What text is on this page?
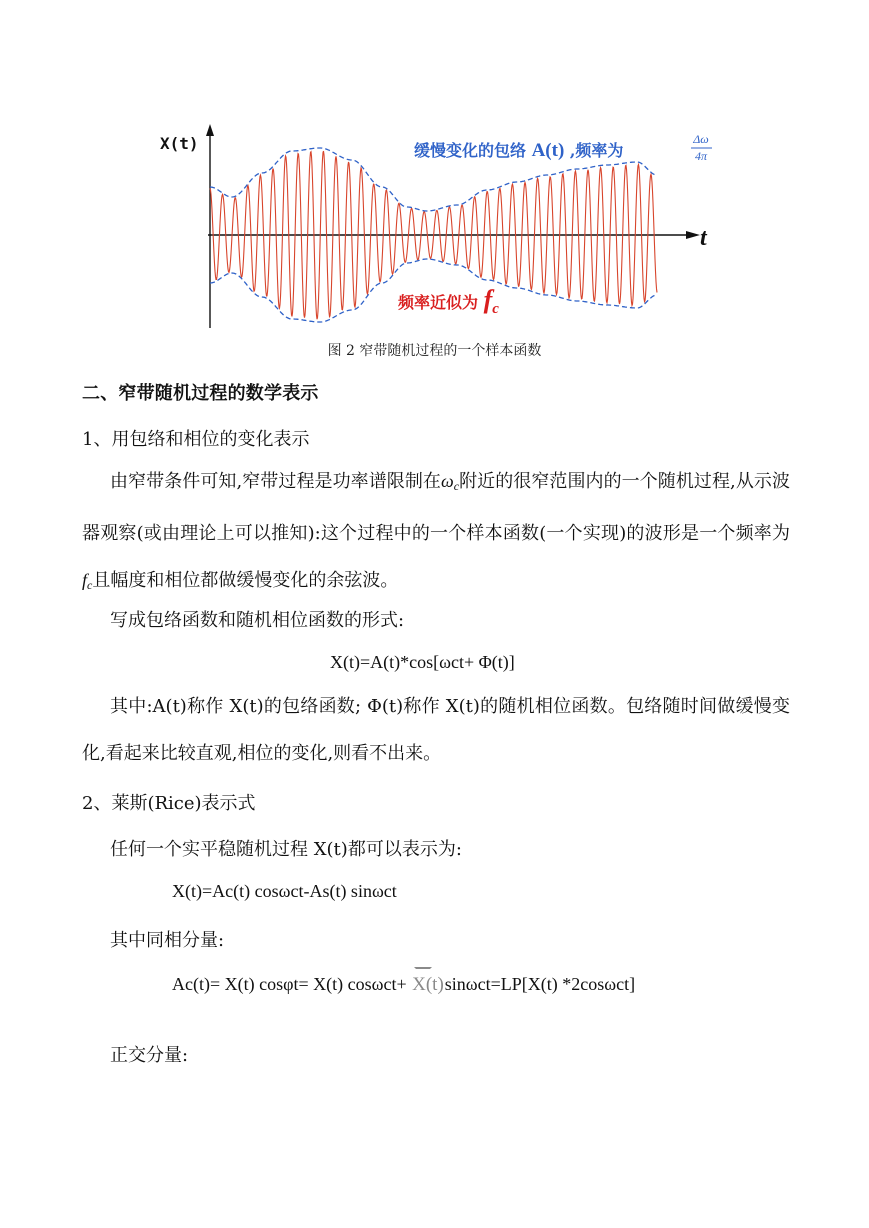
X(t)
t
缓慢变化的包络 A(t) ,频率为
Δω
4π
频率近似为 fc
图 2 窄带随机过程的一个样本函数
二、窄带随机过程的数学表示
1、用包络和相位的变化表示
由窄带条件可知,窄带过程是功率谱限制在ωc附近的很窄范围内的一个随机过程,从示波器观察(或由理论上可以推知):这个过程中的一个样本函数(一个实现)的波形是一个频率为fc且幅度和相位都做缓慢变化的余弦波。
写成包络函数和随机相位函数的形式:
X(t)=A(t)*cos[ωct+ Φ(t)]
其中:A(t)称作 X(t)的包络函数; Φ(t)称作 X(t)的随机相位函数。包络随时间做缓慢变化,看起来比较直观,相位的变化,则看不出来。
2、莱斯(Rice)表示式
任何一个实平稳随机过程 X(t)都可以表示为:
X(t)=Ac(t) cosωct-As(t) sinωct
其中同相分量:
Ac(t)= X(t) cosφt= X(t) cosωct+ X(t)sinωct=LP[X(t) *2cosωct]
正交分量:
